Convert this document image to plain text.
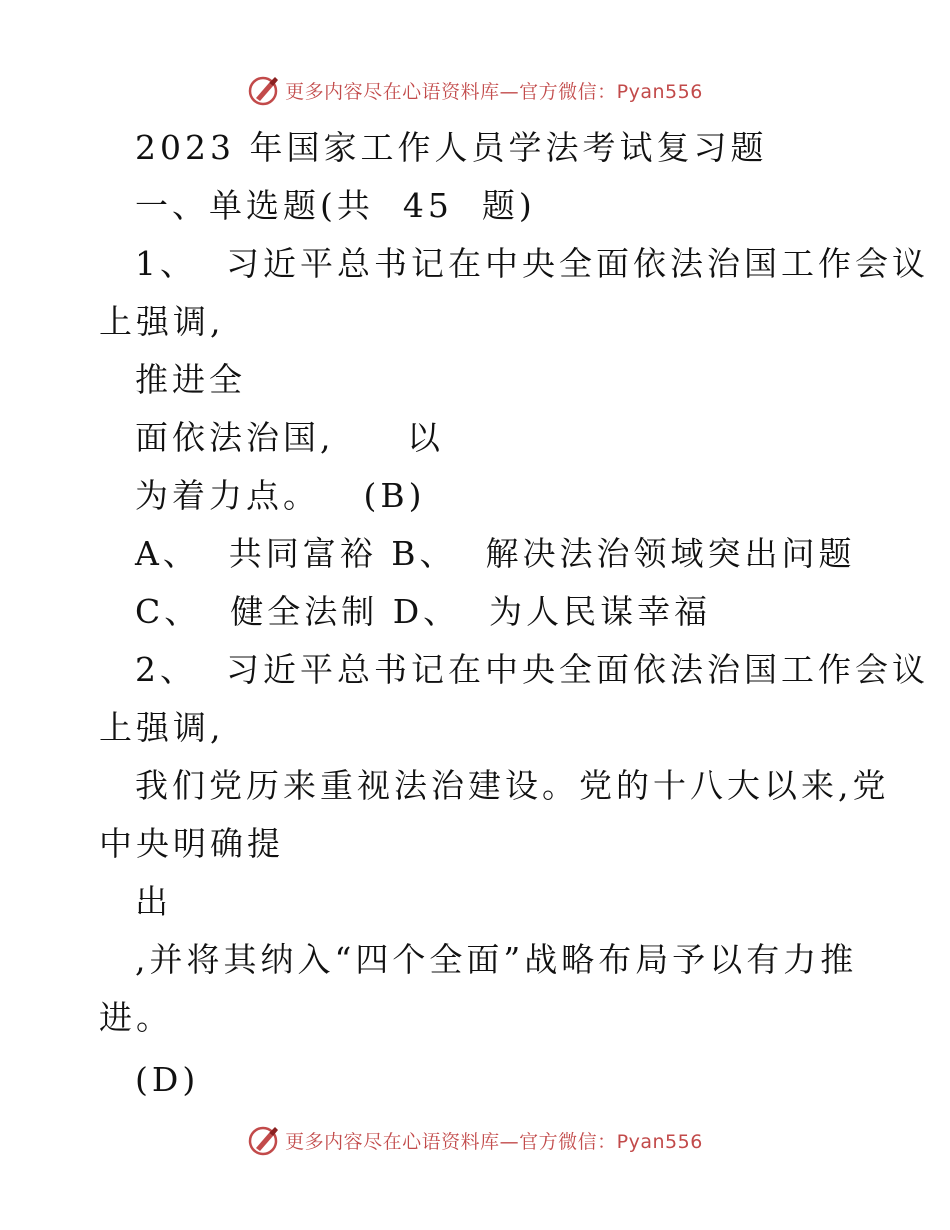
更多内容尽在心语资料库—官方微信：Pyan556
2023 年国家工作人员学法考试复习题
一、单选题(共  45  题)
1、  习近平总书记在中央全面依法治国工作会议
上强调,
推进全
面依法治国,     以
为着力点。   (B)
A、  共同富裕 B、  解决法治领域突出问题
C、  健全法制 D、  为人民谋幸福
2、  习近平总书记在中央全面依法治国工作会议
上强调,
我们党历来重视法治建设。党的十八大以来,党
中央明确提
出
,并将其纳入“四个全面”战略布局予以有力推
进。
(D)
更多内容尽在心语资料库—官方微信：Pyan556
